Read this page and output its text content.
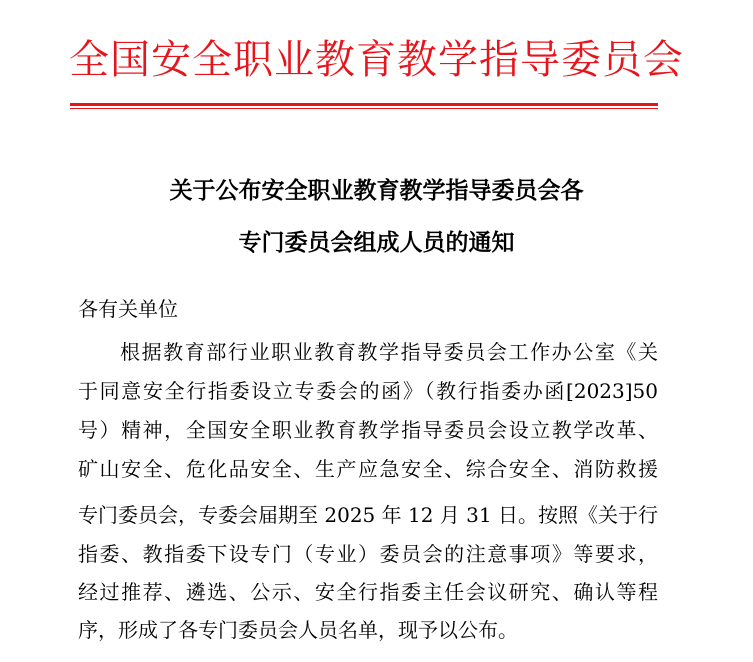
全国安全职业教育教学指导委员会
关于公布安全职业教育教学指导委员会各
专门委员会组成人员的通知
各有关单位
根据教育部行业职业教育教学指导委员会工作办公室《关
于同意安全行指委设立专委会的函》（教行指委办函[2023]50
号）精神，全国安全职业教育教学指导委员会设立教学改革、
矿山安全、危化品安全、生产应急安全、综合安全、消防救援
专门委员会，专委会届期至 2025 年 12 月 31 日。按照《关于行
指委、教指委下设专门（专业）委员会的注意事项》等要求，
经过推荐、遴选、公示、安全行指委主任会议研究、确认等程
序，形成了各专门委员会人员名单，现予以公布。
